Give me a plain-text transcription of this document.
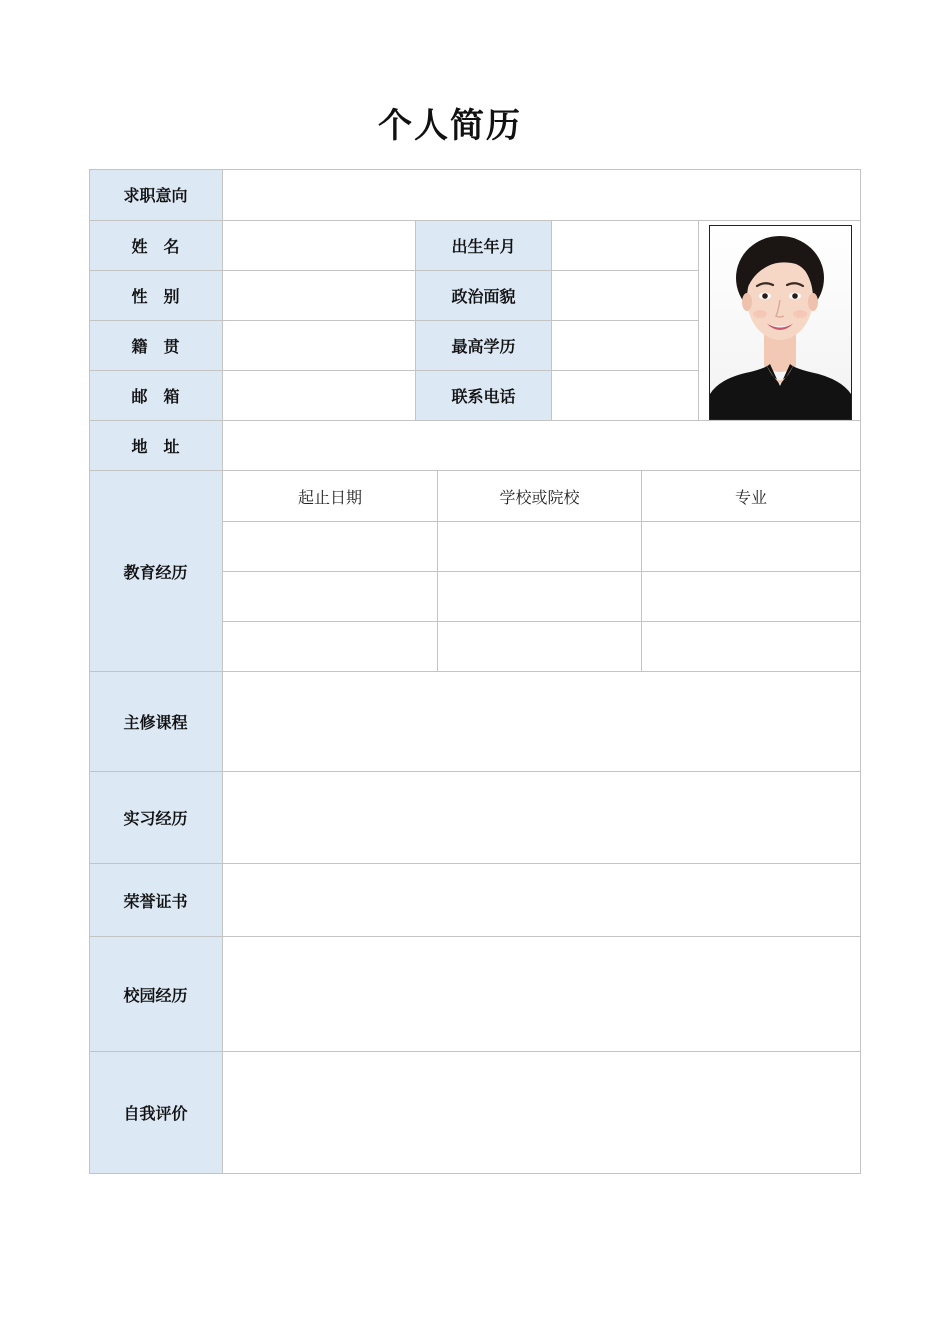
个人简历
求职意向
姓　名	出生年月
性　别	政治面貌
籍　贯	最高学历
邮　箱	联系电话
地　址
教育经历
起止日期	学校或院校	专业
主修课程
实习经历
荣誉证书
校园经历
自我评价
